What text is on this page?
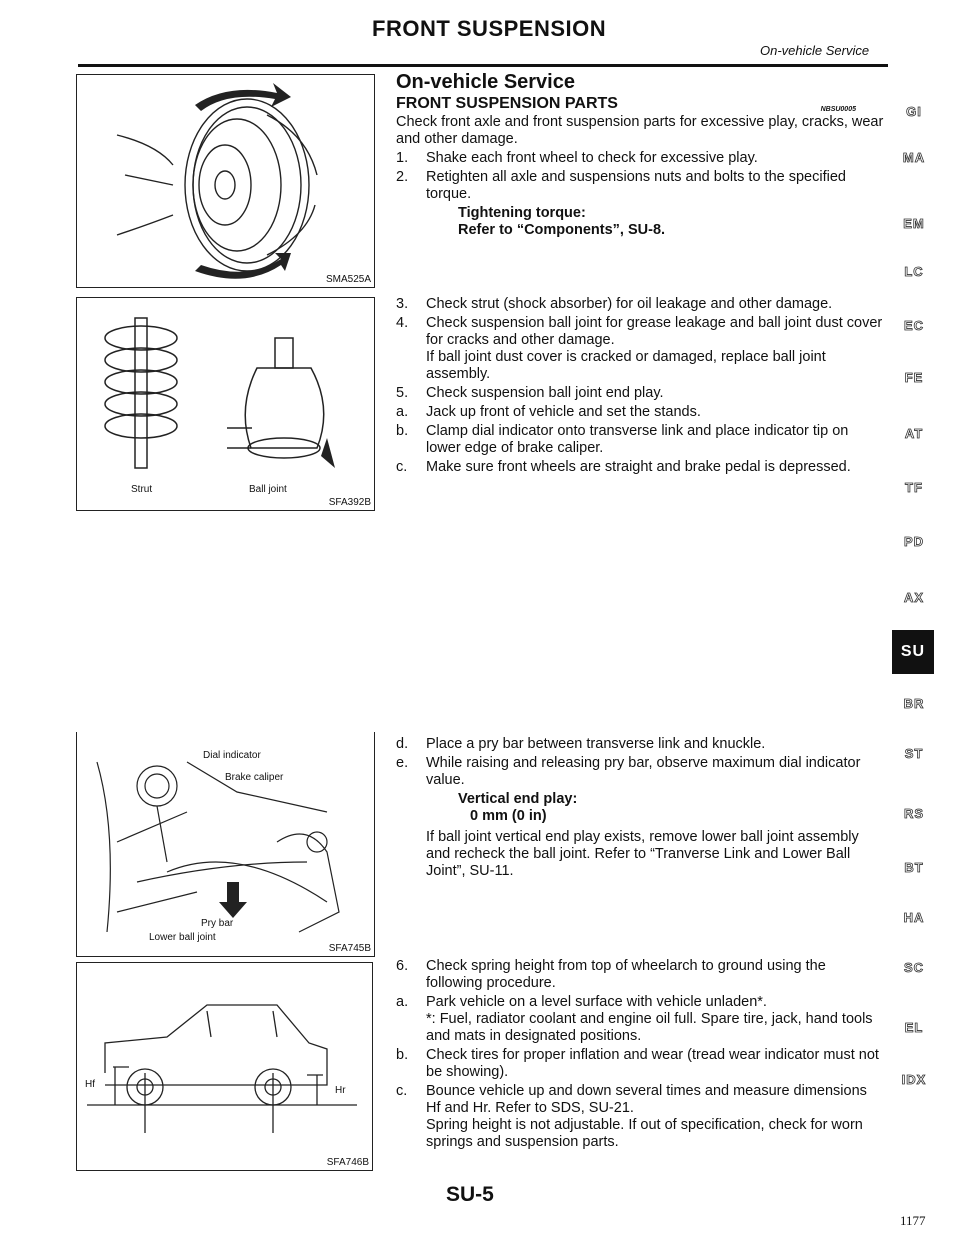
FRONT SUSPENSION
On-vehicle Service
SMA525A
Strut	Ball joint
SFA392B
Dial indicator
Brake caliper
Pry bar
Lower ball joint
SFA745B
Hf
Hr
SFA746B
On-vehicle Service
FRONT SUSPENSION PARTS	NBSU0005

Check front axle and front suspension parts for excessive play, cracks, wear and other damage.

1.	Shake each front wheel to check for excessive play.
2.	Retighten all axle and suspensions nuts and bolts to the specified torque.
Tightening torque:
Refer to “Components”, SU-8.
3.	Check strut (shock absorber) for oil leakage and other damage.
4.	Check suspension ball joint for grease leakage and ball joint dust cover for cracks and other damage.
If ball joint dust cover is cracked or damaged, replace ball joint assembly.
5.	Check suspension ball joint end play.
a.	Jack up front of vehicle and set the stands.
b.	Clamp dial indicator onto transverse link and place indicator tip on lower edge of brake caliper.
c.	Make sure front wheels are straight and brake pedal is depressed.
d.	Place a pry bar between transverse link and knuckle.
e.	While raising and releasing pry bar, observe maximum dial indicator value.
Vertical end play:
0 mm (0 in)
If ball joint vertical end play exists, remove lower ball joint assembly and recheck the ball joint. Refer to “Tranverse Link and Lower Ball Joint”, SU-11.
6.	Check spring height from top of wheelarch to ground using the following procedure.
a.	Park vehicle on a level surface with vehicle unladen*.
*: Fuel, radiator coolant and engine oil full. Spare tire, jack, hand tools and mats in designated positions.
b.	Check tires for proper inflation and wear (tread wear indicator must not be showing).
c.	Bounce vehicle up and down several times and measure dimensions Hf and Hr. Refer to SDS, SU-21.
Spring height is not adjustable. If out of specification, check for worn springs and suspension parts.
GI
MA
EM
LC
EC
FE
AT
TF
PD
AX
SU
BR
ST
RS
BT
HA
SC
EL
IDX
SU-5
1177
